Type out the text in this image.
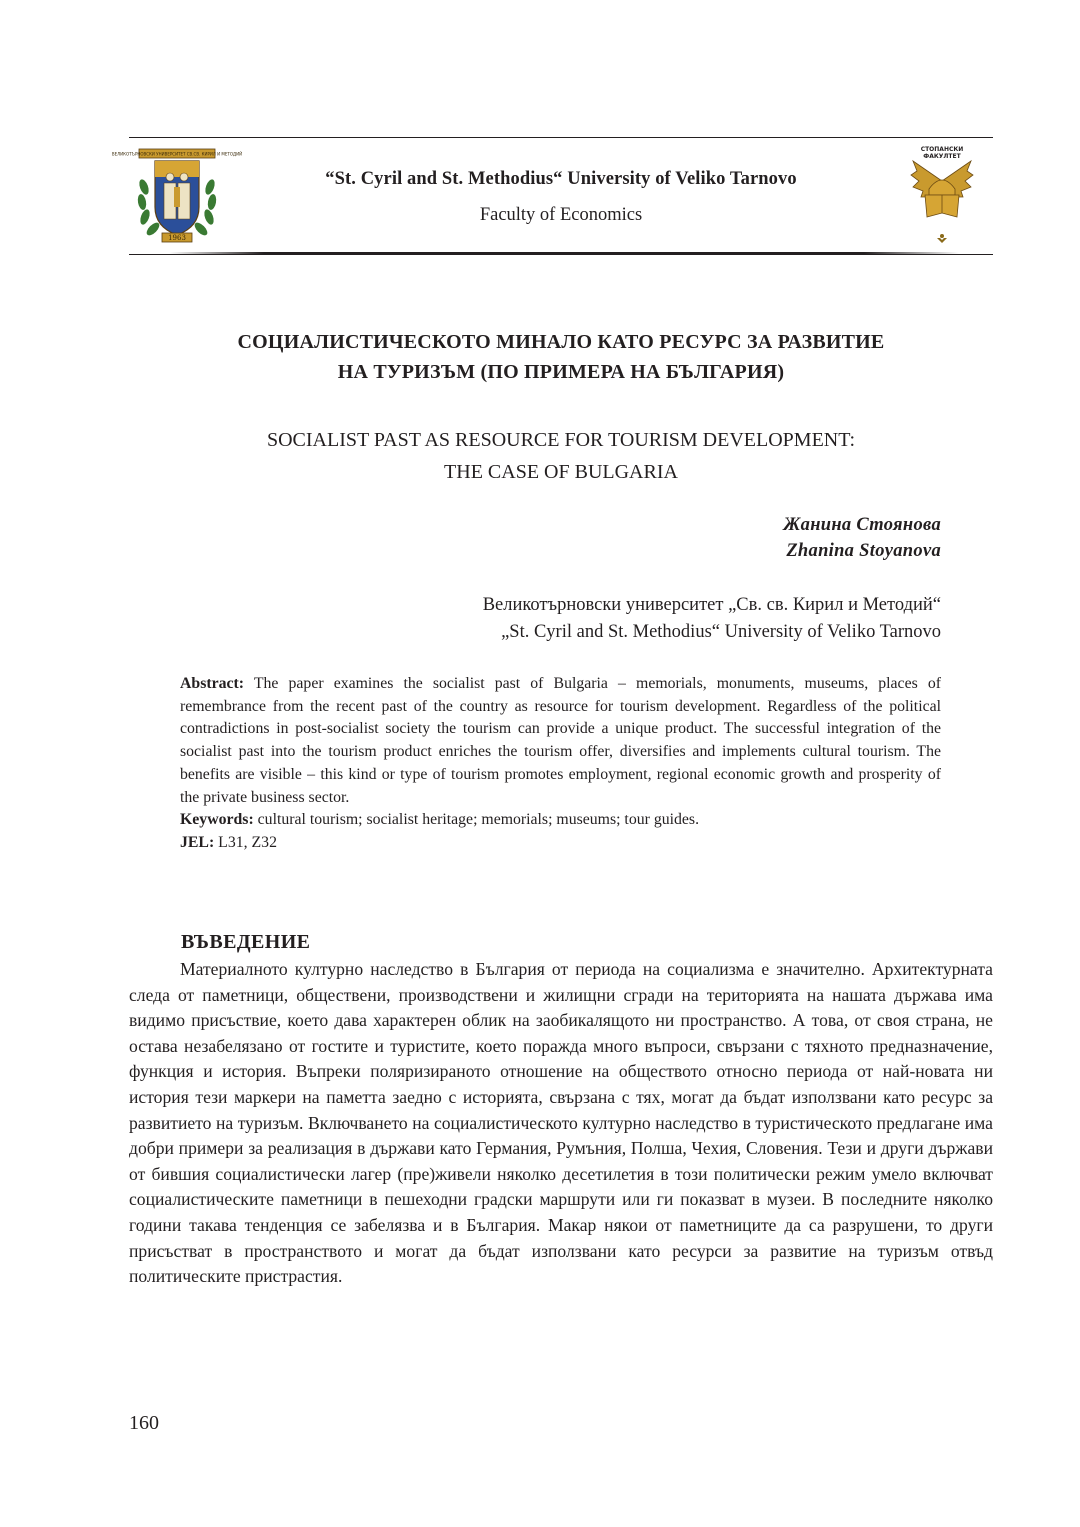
ВЕЛИКОТЪРНОВСКИ УНИВЕРСИТЕТ СВ.СВ. КИРИЛ И МЕТОДИЙ
1963
“St. Cyril and St. Methodius“ University of Veliko Tarnovo
Faculty of Economics
СТОПАНСКИ
ФАКУЛТЕТ
СОЦИАЛИСТИЧЕСКОТО МИНАЛО КАТО РЕСУРС ЗА РАЗВИТИЕ
НА ТУРИЗЪМ (ПО ПРИМЕРА НА БЪЛГАРИЯ)
SOCIALIST PAST AS RESOURCE FOR TOURISM DEVELOPMENT:
THE CASE OF BULGARIA
Жанина Стоянова
Zhanina Stoyanova
Великотърновски университет „Св. св. Кирил и Методий“
„St. Cyril and St. Methodius“ University of Veliko Tarnovo

Abstract: The paper examines the socialist past of Bulgaria – memorials, monuments, museums, places of remembrance from the recent past of the country as resource for tourism development. Regardless of the political contradictions in post-socialist society the tourism can provide a unique product. The successful integration of the socialist past into the tourism product enriches the tourism offer, diversifies and implements cultural tourism. The benefits are visible – this kind or type of tourism promotes employment, regional economic growth and prosperity of the private business sector.

Keywords: cultural tourism; socialist heritage; memorials; museums; tour guides.

JEL: L31, Z32

ВЪВЕДЕНИЕ

Материалното културно наследство в България от периода на социализма е значително. Архитектурната следа от паметници, обществени, производствени и жилищни сгради на територията на нашата държава има видимо присъствие, което дава характерен облик на заобикалящото ни пространство. А това, от своя страна, не остава незабелязано от гостите и туристите, което поражда много въпроси, свързани с тяхното предназначение, функция и история. Въпреки поляризираното отношение на обществото относно периода от най-новата ни история тези маркери на паметта заедно с историята, свързана с тях, могат да бъдат използвани като ресурс за развитието на туризъм. Включването на социалистическото културно наследство в туристическото предлагане има добри примери за реализация в държави като Германия, Румъния, Полша, Чехия, Словения. Тези и други държави от бившия социалистически лагер (пре)живели няколко десетилетия в този политически режим умело включват социалистическите паметници в пешеходни градски маршрути или ги показват в музеи. В последните няколко години такава тенденция се забелязва и в България. Макар някои от паметниците да са разрушени, то други присъстват в пространството и могат да бъдат използвани като ресурси за развитие на туризъм отвъд политическите пристрастия.

160
